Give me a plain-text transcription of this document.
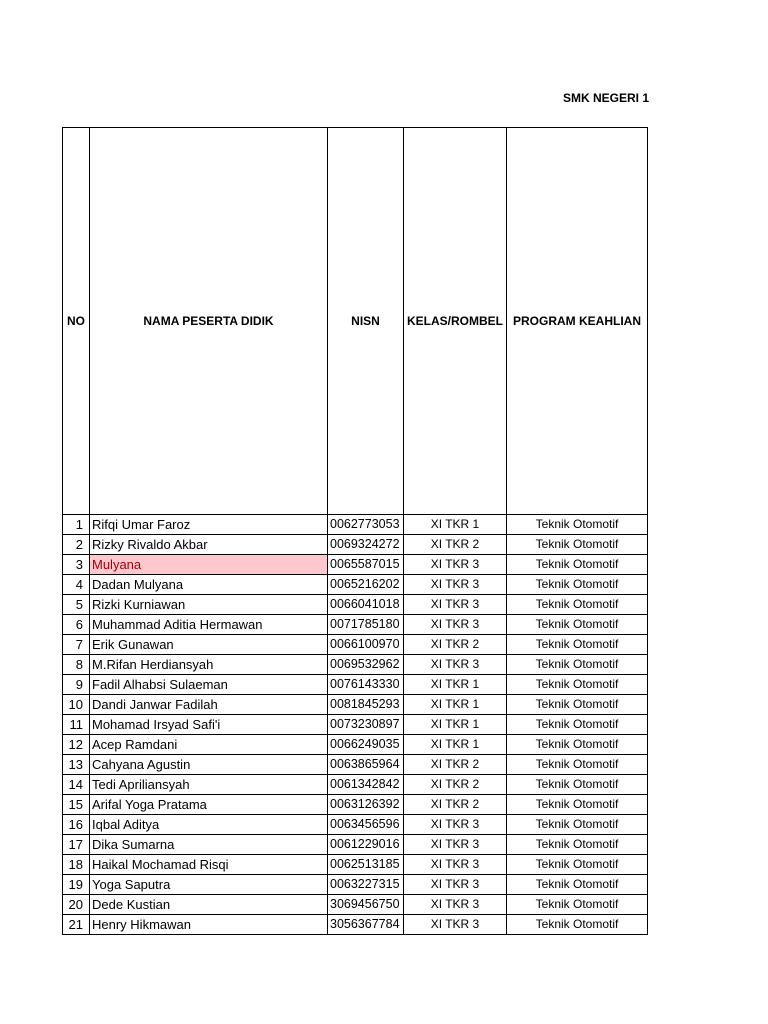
SMK NEGERI 1
NO	NAMA PESERTA DIDIK	NISN	KELAS/ROMBEL	PROGRAM KEAHLIAN
1	Rifqi Umar Faroz	0062773053	XI TKR 1	Teknik Otomotif
2	Rizky Rivaldo Akbar	0069324272	XI TKR 2	Teknik Otomotif
3	Mulyana	0065587015	XI TKR 3	Teknik Otomotif
4	Dadan Mulyana	0065216202	XI TKR 3	Teknik Otomotif
5	Rizki Kurniawan	0066041018	XI TKR 3	Teknik Otomotif
6	Muhammad Aditia Hermawan	0071785180	XI TKR 3	Teknik Otomotif
7	Erik Gunawan	0066100970	XI TKR 2	Teknik Otomotif
8	M.Rifan Herdiansyah	0069532962	XI TKR 3	Teknik Otomotif
9	Fadil Alhabsi Sulaeman	0076143330	XI TKR 1	Teknik Otomotif
10	Dandi Janwar Fadilah	0081845293	XI TKR 1	Teknik Otomotif
11	Mohamad Irsyad Safi'i	0073230897	XI TKR 1	Teknik Otomotif
12	Acep Ramdani	0066249035	XI TKR 1	Teknik Otomotif
13	Cahyana Agustin	0063865964	XI TKR 2	Teknik Otomotif
14	Tedi Apriliansyah	0061342842	XI TKR 2	Teknik Otomotif
15	Arifal Yoga Pratama	0063126392	XI TKR 2	Teknik Otomotif
16	Iqbal Aditya	0063456596	XI TKR 3	Teknik Otomotif
17	Dika Sumarna	0061229016	XI TKR 3	Teknik Otomotif
18	Haikal Mochamad Risqi	0062513185	XI TKR 3	Teknik Otomotif
19	Yoga Saputra	0063227315	XI TKR 3	Teknik Otomotif
20	Dede Kustian	3069456750	XI TKR 3	Teknik Otomotif
21	Henry Hikmawan	3056367784	XI TKR 3	Teknik Otomotif
